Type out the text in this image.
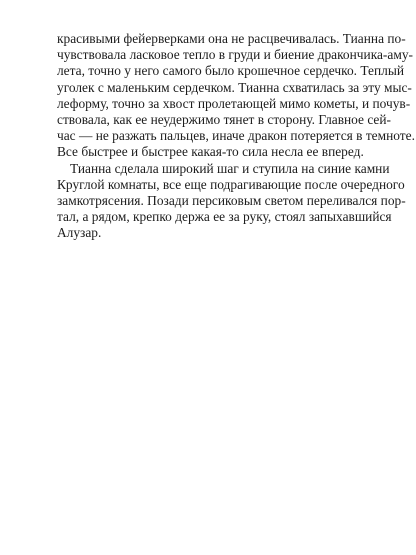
красивыми фейерверками она не расцвечивалась. Тианна по-
чувствовала ласковое тепло в груди и биение дракончика-аму-
лета, точно у него самого было крошечное сердечко. Теплый
уголек с маленьким сердечком. Тианна схватилась за эту мыс-
леформу, точно за хвост пролетающей мимо кометы, и почув-
ствовала, как ее неудержимо тянет в сторону. Главное сей-
час — не разжать пальцев, иначе дракон потеряется в темноте.
Все быстрее и быстрее какая-то сила несла ее вперед.

Тианна сделала широкий шаг и ступила на синие камни
Круглой комнаты, все еще подрагивающие после очередного
замкотрясения. Позади персиковым светом переливался пор-
тал, а рядом, крепко держа ее за руку, стоял запыхавшийся
Алузар.
